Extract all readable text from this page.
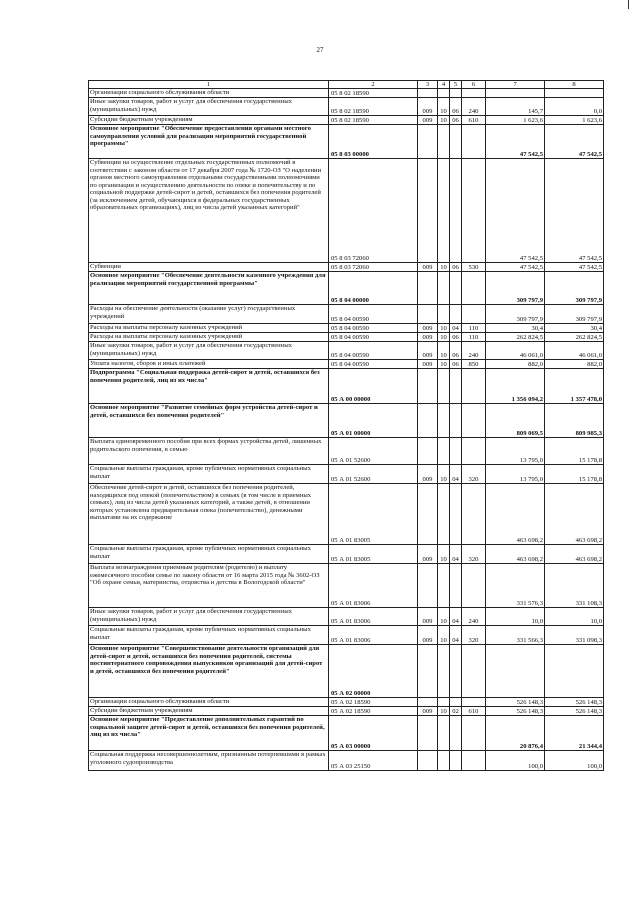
27
1	2	3	4	5	6	7	8
Организации социального обслуживания области	05 8 02 18590						
Иные закупки товаров, работ и услуг для обеспечения государственных (муниципальных) нужд	05 8 02 18590	009	10	06	240	145,7	0,0
Субсидии бюджетным учреждениям	05 8 02 18590	009	10	06	610	1 623,6	1 623,6
Основное мероприятие "Обеспечение предоставления органами местного самоуправления условий для реализации мероприятий государственной программы"	05 8 03 00000					47 542,5	47 542,5
Субвенции на осуществление отдельных государственных полномочий в соответствии с законом области от 17 декабря 2007 года № 1720-ОЗ "О наделении органов местного самоуправления отдельными государственными полномочиями по организации и осуществлению деятельности по опеке и попечительству и по социальной поддержке детей-сирот и детей, оставшихся без попечения родителей (за исключением детей, обучающихся в федеральных государственных образовательных организациях), лиц из числа детей указанных категорий"	05 8 03 72060					47 542,5	47 542,5
Субвенции	05 8 03 72060	009	10	06	530	47 542,5	47 542,5
Основное мероприятие "Обеспечение деятельности казенного учреждения для реализации мероприятий государственной программы"	05 8 04 00000					309 797,9	309 797,9
Расходы на обеспечение деятельности (оказание услуг) государственных учреждений	05 8 04 00590					309 797,9	309 797,9
Расходы на выплаты персоналу казенных учреждений	05 8 04 00590	009	10	04	110	30,4	30,4
Расходы на выплаты персоналу казенных учреждений	05 8 04 00590	009	10	06	110	262 824,5	262 824,5
Иные закупки товаров, работ и услуг для обеспечения государственных (муниципальных) нужд	05 8 04 00590	009	10	06	240	46 061,0	46 061,0
Уплата налогов, сборов и иных платежей	05 8 04 00590	009	10	06	850	882,0	882,0
Подпрограмма "Социальная поддержка детей-сирот и детей, оставшихся без попечения родителей, лиц из их числа"	05 А 00 00000					1 356 094,2	1 357 478,0
Основное мероприятие "Развитие семейных форм устройства детей-сирот и детей, оставшихся без попечения родителей"	05 А 01 00000					809 069,5	809 985,3
Выплата единовременного пособия при всех формах устройства детей, лишенных родительского попечения, в семью	05 А 01 52600					13 795,0	15 178,8
Социальные выплаты гражданам, кроме публичных нормативных социальных выплат	05 А 01 52600	009	10	04	320	13 795,0	15 178,8
Обеспечение детей-сирот и детей, оставшихся без попечения родителей, находящихся под опекой (попечительством) в семьях (в том числе в приемных семьях), лиц из числа детей указанных категорий, а также детей, в отношении которых установлена предварительная опека (попечительство), денежными выплатами на их содержание	05 А 01 83005					463 698,2	463 698,2
Социальные выплаты гражданам, кроме публичных нормативных социальных выплат	05 А 01 83005	009	10	04	320	463 698,2	463 698,2
Выплата вознаграждения приемным родителям (родителю) и выплату ежемесячного пособия семье по закону области от 16 марта 2015 года № 3602-ОЗ "Об охране семьи, материнства, отцовства и детства в Вологодской области"	05 А 01 83006					331 576,3	331 108,3
Иные закупки товаров, работ и услуг для обеспечения государственных (муниципальных) нужд	05 А 01 83006	009	10	04	240	10,0	10,0
Социальные выплаты гражданам, кроме публичных нормативных социальных выплат	05 А 01 83006	009	10	04	320	331 566,3	331 098,3
Основное мероприятие "Совершенствование деятельности организаций для детей-сирот и детей, оставшихся без попечения родителей, системы постинтернатного сопровождения выпускников организаций для детей-сирот и детей, оставшихся без попечения родителей"	05 А 02 00000						
Организации социального обслуживания области	05 А 02 18590					526 148,3	526 148,3
Субсидии бюджетным учреждениям	05 А 02 18590	009	10	02	610	526 148,3	526 148,3
Основное мероприятие "Предоставление дополнительных гарантий по социальной защите детей-сирот и детей, оставшихся без попечения родителей, лиц из их числа"	05 А 03 00000					20 876,4	21 344,4
Социальная поддержка несовершеннолетним, признанным потерпевшими в рамках уголовного судопроизводства	05 А 03 25150					100,0	100,0
